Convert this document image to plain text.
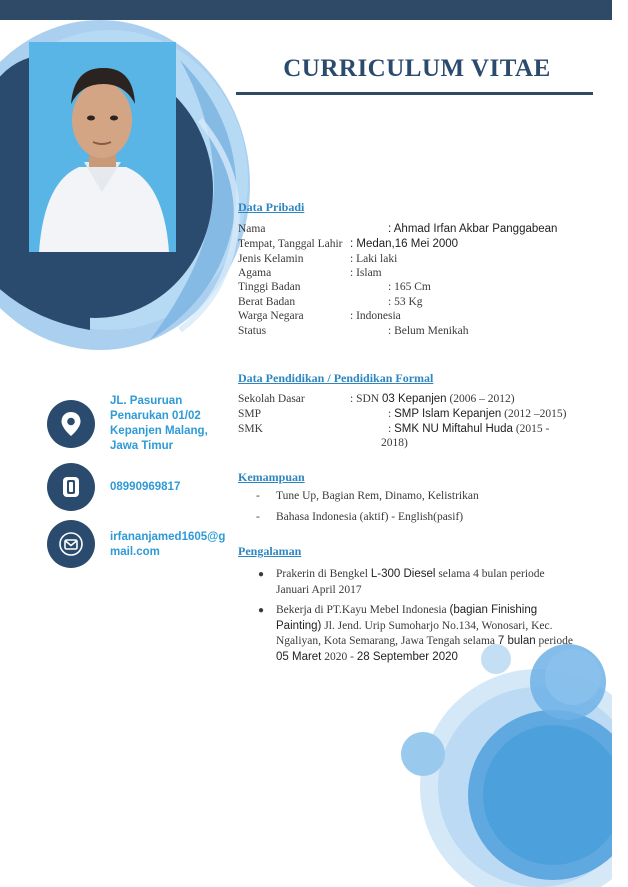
CURRICULUM VITAE
Data Pribadi
Nama	: Ahmad Irfan Akbar Panggabean
Tempat, Tanggal Lahir : Medan,16 Mei 2000
Jenis Kelamin	: Laki laki
Agama	: Islam
Tinggi Badan	: 165 Cm
Berat Badan	: 53 Kg
Warga Negara	: Indonesia
Status	: Belum Menikah
Data Pendidikan / Pendidikan Formal
Sekolah Dasar	: SDN 03 Kepanjen (2006 – 2012)
SMP	: SMP Islam Kepanjen (2012 –2015)
SMK	: SMK NU Miftahul Huda (2015 -
2018)
Kemampuan
- Tune Up, Bagian Rem, Dinamo, Kelistrikan
- Bahasa Indonesia (aktif) - English(pasif)
Pengalaman
● Prakerin di Bengkel L-300 Diesel selama 4 bulan periode
Januari April 2017
● Bekerja di PT.Kayu Mebel Indonesia (bagian Finishing
Painting) Jl. Jend. Urip Sumoharjo No.134, Wonosari, Kec.
Ngaliyan, Kota Semarang, Jawa Tengah selama 7 bulan periode
05 Maret 2020 - 28 September 2020
JL. Pasuruan
Penarukan 01/02
Kepanjen Malang,
Jawa Timur
08990969817
irfananjamed1605@g
mail.com
